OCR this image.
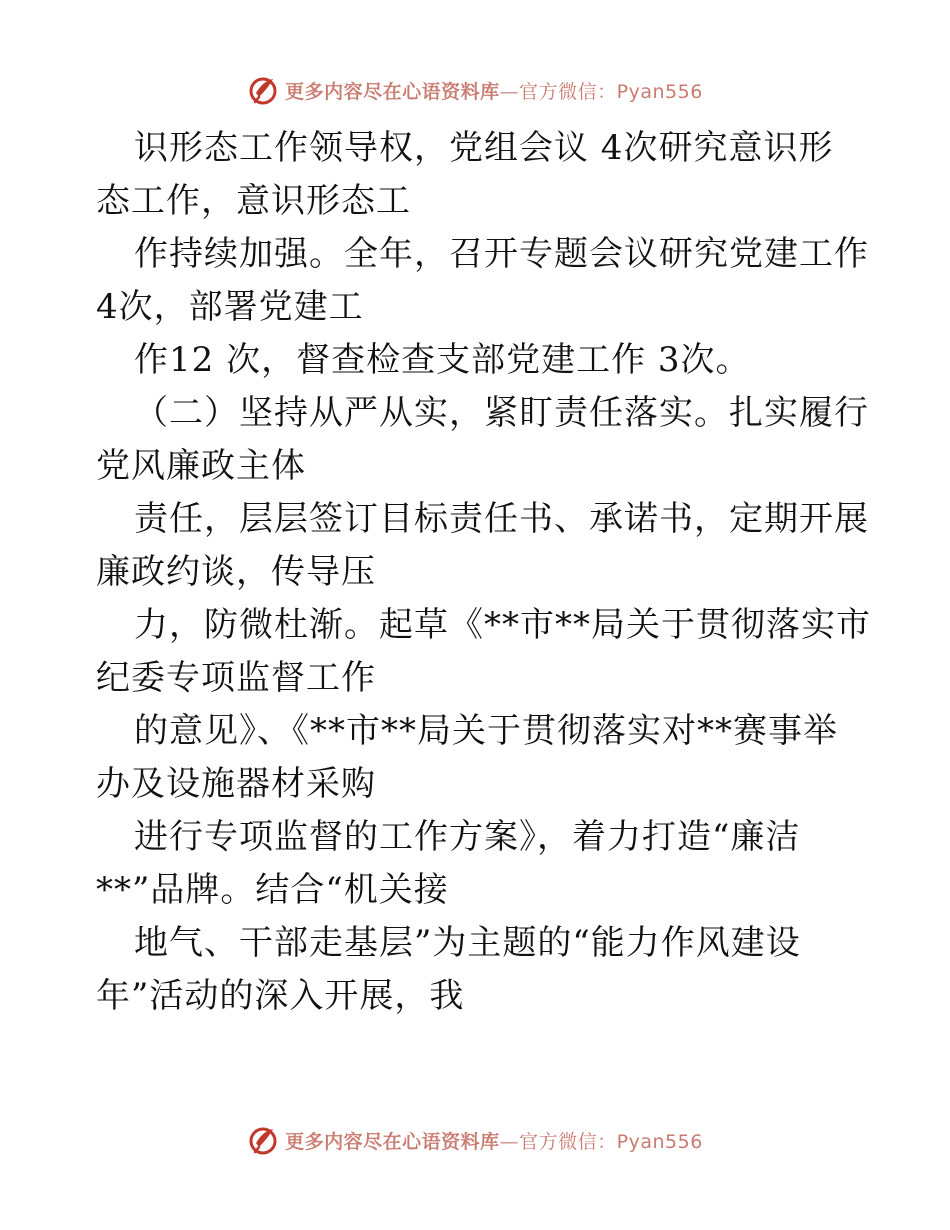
更多内容尽在心语资料库—官方微信：Pyan556

识形态工作领导权，党组会议 4次研究意识形
态工作，意识形态工

作持续加强。全年，召开专题会议研究党建工作
4次，部署党建工

作12 次，督查检查支部党建工作 3次。

（二）坚持从严从实，紧盯责任落实。扎实履行
党风廉政主体

责任，层层签订目标责任书、承诺书，定期开展
廉政约谈，传导压

力，防微杜渐。起草《**市**局关于贯彻落实市
纪委专项监督工作

的意见》、《**市**局关于贯彻落实对**赛事举
办及设施器材采购

进行专项监督的工作方案》，着力打造“廉洁
**”品牌。结合“机关接

地气、干部走基层”为主题的“能力作风建设
年”活动的深入开展，我

更多内容尽在心语资料库—官方微信：Pyan556
